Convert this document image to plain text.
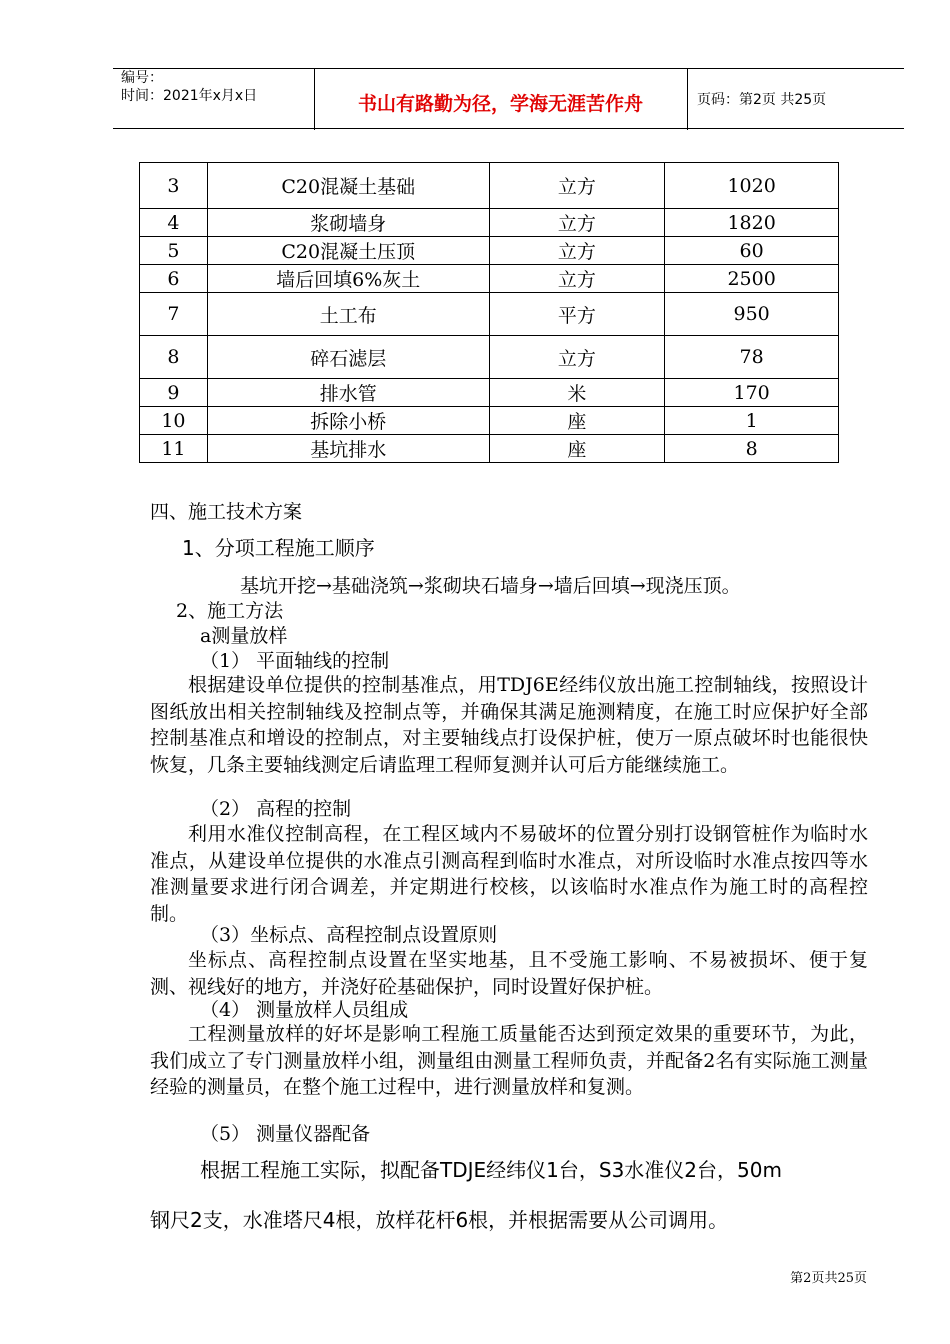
编号：
时间：2021年x月x日	书山有路勤为径，学海无涯苦作舟	页码：第2页 共25页
3	C20混凝土基础	立方	1020
4	浆砌墙身	立方	1820
5	C20混凝土压顶	立方	60
6	墙后回填6%灰土	立方	2500
7	土工布	平方	950
8	碎石滤层	立方	78
9	排水管	米	170
10	拆除小桥	座	1
11	基坑排水	座	8
四、施工技术方案
1、分项工程施工顺序
基坑开挖→基础浇筑→浆砌块石墙身→墙后回填→现浇压顶。
2、施工方法
a测量放样
（1） 平面轴线的控制
根据建设单位提供的控制基准点，用TDJ6E经纬仪放出施工控制轴线，按照设计图纸放出相关控制轴线及控制点等，并确保其满足施测精度，在施工时应保护好全部控制基准点和增设的控制点，对主要轴线点打设保护桩，使万一原点破坏时也能很快恢复，几条主要轴线测定后请监理工程师复测并认可后方能继续施工。
（2） 高程的控制
利用水准仪控制高程，在工程区域内不易破坏的位置分别打设钢管桩作为临时水准点，从建设单位提供的水准点引测高程到临时水准点，对所设临时水准点按四等水准测量要求进行闭合调差，并定期进行校核，以该临时水准点作为施工时的高程控制。
（3）坐标点、高程控制点设置原则
坐标点、高程控制点设置在坚实地基，且不受施工影响、不易被损坏、便于复测、视线好的地方，并浇好砼基础保护，同时设置好保护桩。
（4） 测量放样人员组成
工程测量放样的好坏是影响工程施工质量能否达到预定效果的重要环节，为此，我们成立了专门测量放样小组，测量组由测量工程师负责，并配备2名有实际施工测量经验的测量员，在整个施工过程中，进行测量放样和复测。
（5） 测量仪器配备
根据工程施工实际，拟配备TDJE经纬仪1台，S3水准仪2台，50m
钢尺2支，水准塔尺4根，放样花杆6根，并根据需要从公司调用。
第2页共25页
